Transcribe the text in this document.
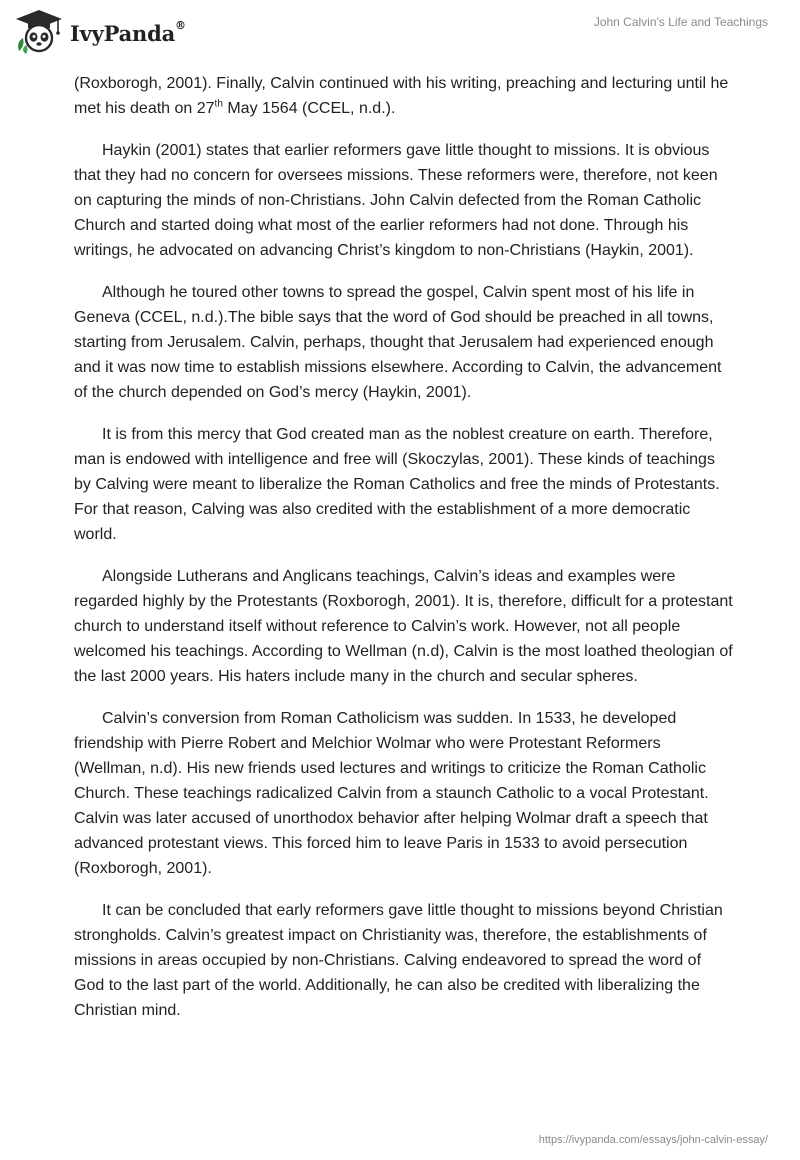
IvyPanda®	John Calvin's Life and Teachings

(Roxborogh, 2001). Finally, Calvin continued with his writing, preaching and lecturing until he met his death on 27th May 1564 (CCEL, n.d.).

Haykin (2001) states that earlier reformers gave little thought to missions. It is obvious that they had no concern for oversees missions. These reformers were, therefore, not keen on capturing the minds of non-Christians. John Calvin defected from the Roman Catholic Church and started doing what most of the earlier reformers had not done. Through his writings, he advocated on advancing Christ’s kingdom to non-Christians (Haykin, 2001).

Although he toured other towns to spread the gospel, Calvin spent most of his life in Geneva (CCEL, n.d.).The bible says that the word of God should be preached in all towns, starting from Jerusalem. Calvin, perhaps, thought that Jerusalem had experienced enough and it was now time to establish missions elsewhere. According to Calvin, the advancement of the church depended on God’s mercy (Haykin, 2001).

It is from this mercy that God created man as the noblest creature on earth. Therefore, man is endowed with intelligence and free will (Skoczylas, 2001). These kinds of teachings by Calving were meant to liberalize the Roman Catholics and free the minds of Protestants. For that reason, Calving was also credited with the establishment of a more democratic world.

Alongside Lutherans and Anglicans teachings, Calvin’s ideas and examples were regarded highly by the Protestants (Roxborogh, 2001). It is, therefore, difficult for a protestant church to understand itself without reference to Calvin’s work. However, not all people welcomed his teachings. According to Wellman (n.d), Calvin is the most loathed theologian of the last 2000 years. His haters include many in the church and secular spheres.

Calvin’s conversion from Roman Catholicism was sudden. In 1533, he developed friendship with Pierre Robert and Melchior Wolmar who were Protestant Reformers (Wellman, n.d). His new friends used lectures and writings to criticize the Roman Catholic Church. These teachings radicalized Calvin from a staunch Catholic to a vocal Protestant. Calvin was later accused of unorthodox behavior after helping Wolmar draft a speech that advanced protestant views. This forced him to leave Paris in 1533 to avoid persecution (Roxborogh, 2001).

It can be concluded that early reformers gave little thought to missions beyond Christian strongholds. Calvin’s greatest impact on Christianity was, therefore, the establishments of missions in areas occupied by non-Christians. Calving endeavored to spread the word of God to the last part of the world. Additionally, he can also be credited with liberalizing the Christian mind.

https://ivypanda.com/essays/john-calvin-essay/
